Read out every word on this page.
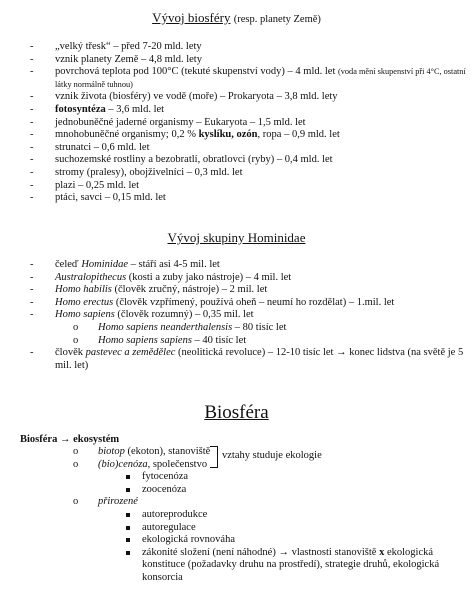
Vývoj biosféry (resp. planety Země)
- „velký třesk“ – před 7-20 mld. lety
- vznik planety Země – 4,8 mld. lety
- povrchová teplota pod 100°C (tekuté skupenství vody) – 4 mld. let (voda mění skupenství při 4°C, ostatní látky normálně tuhnou)
- vznik života (biosféry) ve vodě (moře) – Prokaryota – 3,8 mld. lety
- fotosyntéza – 3,6 mld. let
- jednobuněčné jaderné organismy – Eukaryota – 1,5 mld. let
- mnohobuněčné organismy; 0,2 % kyslíku, ozón, ropa – 0,9 mld. let
- strunatci – 0,6 mld. let
- suchozemské rostliny a bezobratlí, obratlovci (ryby) – 0,4 mld. let
- stromy (pralesy), obojživelníci – 0,3 mld. let
- plazi – 0,25 mld. let
- ptáci, savci – 0,15 mld. let
Vývoj skupiny Hominidae
- čeleď Hominidae – stáří asi 4-5 mil. let
- Australopithecus (kosti a zuby jako nástroje) – 4 mil. let
- Homo habilis (člověk zručný, nástroje) – 2 mil. let
- Homo erectus (člověk vzpřímený, používá oheň – neumí ho rozdělat) – 1.mil. let
- Homo sapiens (člověk rozumný) – 0,35 mil. let
o Homo sapiens neanderthalensis – 80 tisíc let
o Homo sapiens sapiens – 40 tisíc let
- člověk pastevec a zemědělec (neolitická revoluce) – 12-10 tisíc let → konec lidstva (na světě je 5 mil. let)
Biosféra
Biosféra → ekosystém
o biotop (ekoton), stanoviště
o (bio)cenóza, společenstvo
fytocenóza
zoocenóza
o přirozené
autoreprodukce
autoregulace
ekologická rovnováha
zákonité složení (není náhodné) → vlastnosti stanoviště x ekologická konstituce (požadavky druhu na prostředí), strategie druhů, ekologická konsorcia
vztahy studuje ekologie
